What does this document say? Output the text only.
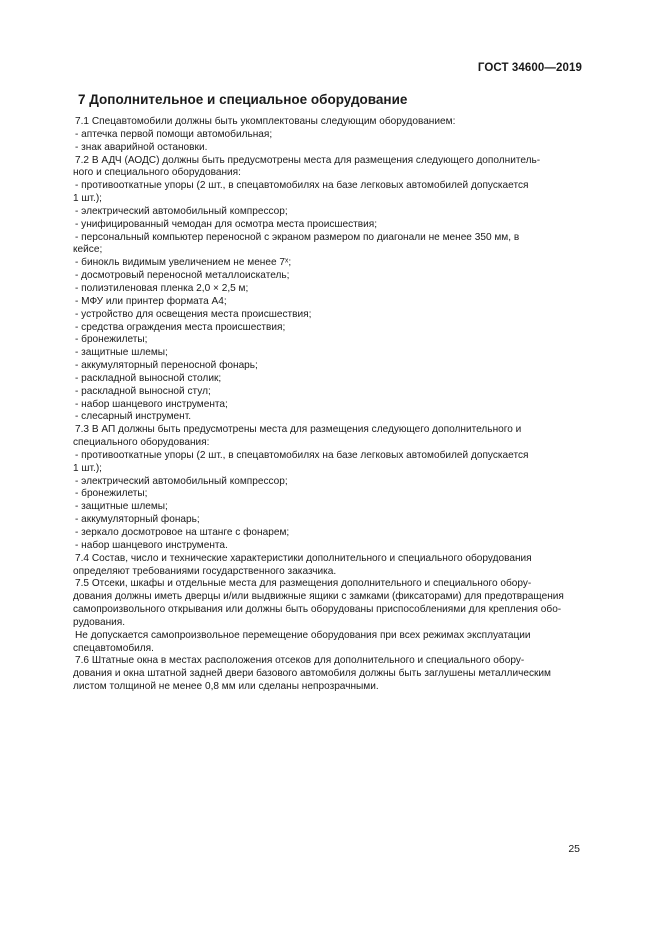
ГОСТ 34600—2019
7 Дополнительное и специальное оборудование

7.1 Спецавтомобили должны быть укомплектованы следующим оборудованием:

- аптечка первой помощи автомобильная;

- знак аварийной остановки.

7.2 В АДЧ (АОДС) должны быть предусмотрены места для размещения следующего дополнитель-

ного и специального оборудования:

- противооткатные упоры (2 шт., в спецавтомобилях на базе легковых автомобилей допускается

1 шт.);

- электрический автомобильный компрессор;

- унифицированный чемодан для осмотра места происшествия;

- персональный компьютер переносной с экраном размером по диагонали не менее 350 мм, в

кейсе;

- бинокль видимым увеличением не менее 7ˣ;

- досмотровый переносной металлоискатель;

- полиэтиленовая пленка 2,0 × 2,5 м;

- МФУ или принтер формата А4;

- устройство для освещения места происшествия;

- средства ограждения места происшествия;

- бронежилеты;

- защитные шлемы;

- аккумуляторный переносной фонарь;

- раскладной выносной столик;

- раскладной выносной стул;

- набор шанцевого инструмента;

- слесарный инструмент.

7.3 В АП должны быть предусмотрены места для размещения следующего дополнительного и

специального оборудования:

- противооткатные упоры (2 шт., в спецавтомобилях на базе легковых автомобилей допускается

1 шт.);

- электрический автомобильный компрессор;

- бронежилеты;

- защитные шлемы;

- аккумуляторный фонарь;

- зеркало досмотровое на штанге с фонарем;

- набор шанцевого инструмента.

7.4 Состав, число и технические характеристики дополнительного и специального оборудования

определяют требованиями государственного заказчика.

7.5 Отсеки, шкафы и отдельные места для размещения дополнительного и специального обору-

дования должны иметь дверцы и/или выдвижные ящики с замками (фиксаторами) для предотвращения

самопроизвольного открывания или должны быть оборудованы приспособлениями для крепления обо-

рудования.

Не допускается самопроизвольное перемещение оборудования при всех режимах эксплуатации

спецавтомобиля.

7.6 Штатные окна в местах расположения отсеков для дополнительного и специального обору-

дования и окна штатной задней двери базового автомобиля должны быть заглушены металлическим

листом толщиной не менее 0,8 мм или сделаны непрозрачными.

25
